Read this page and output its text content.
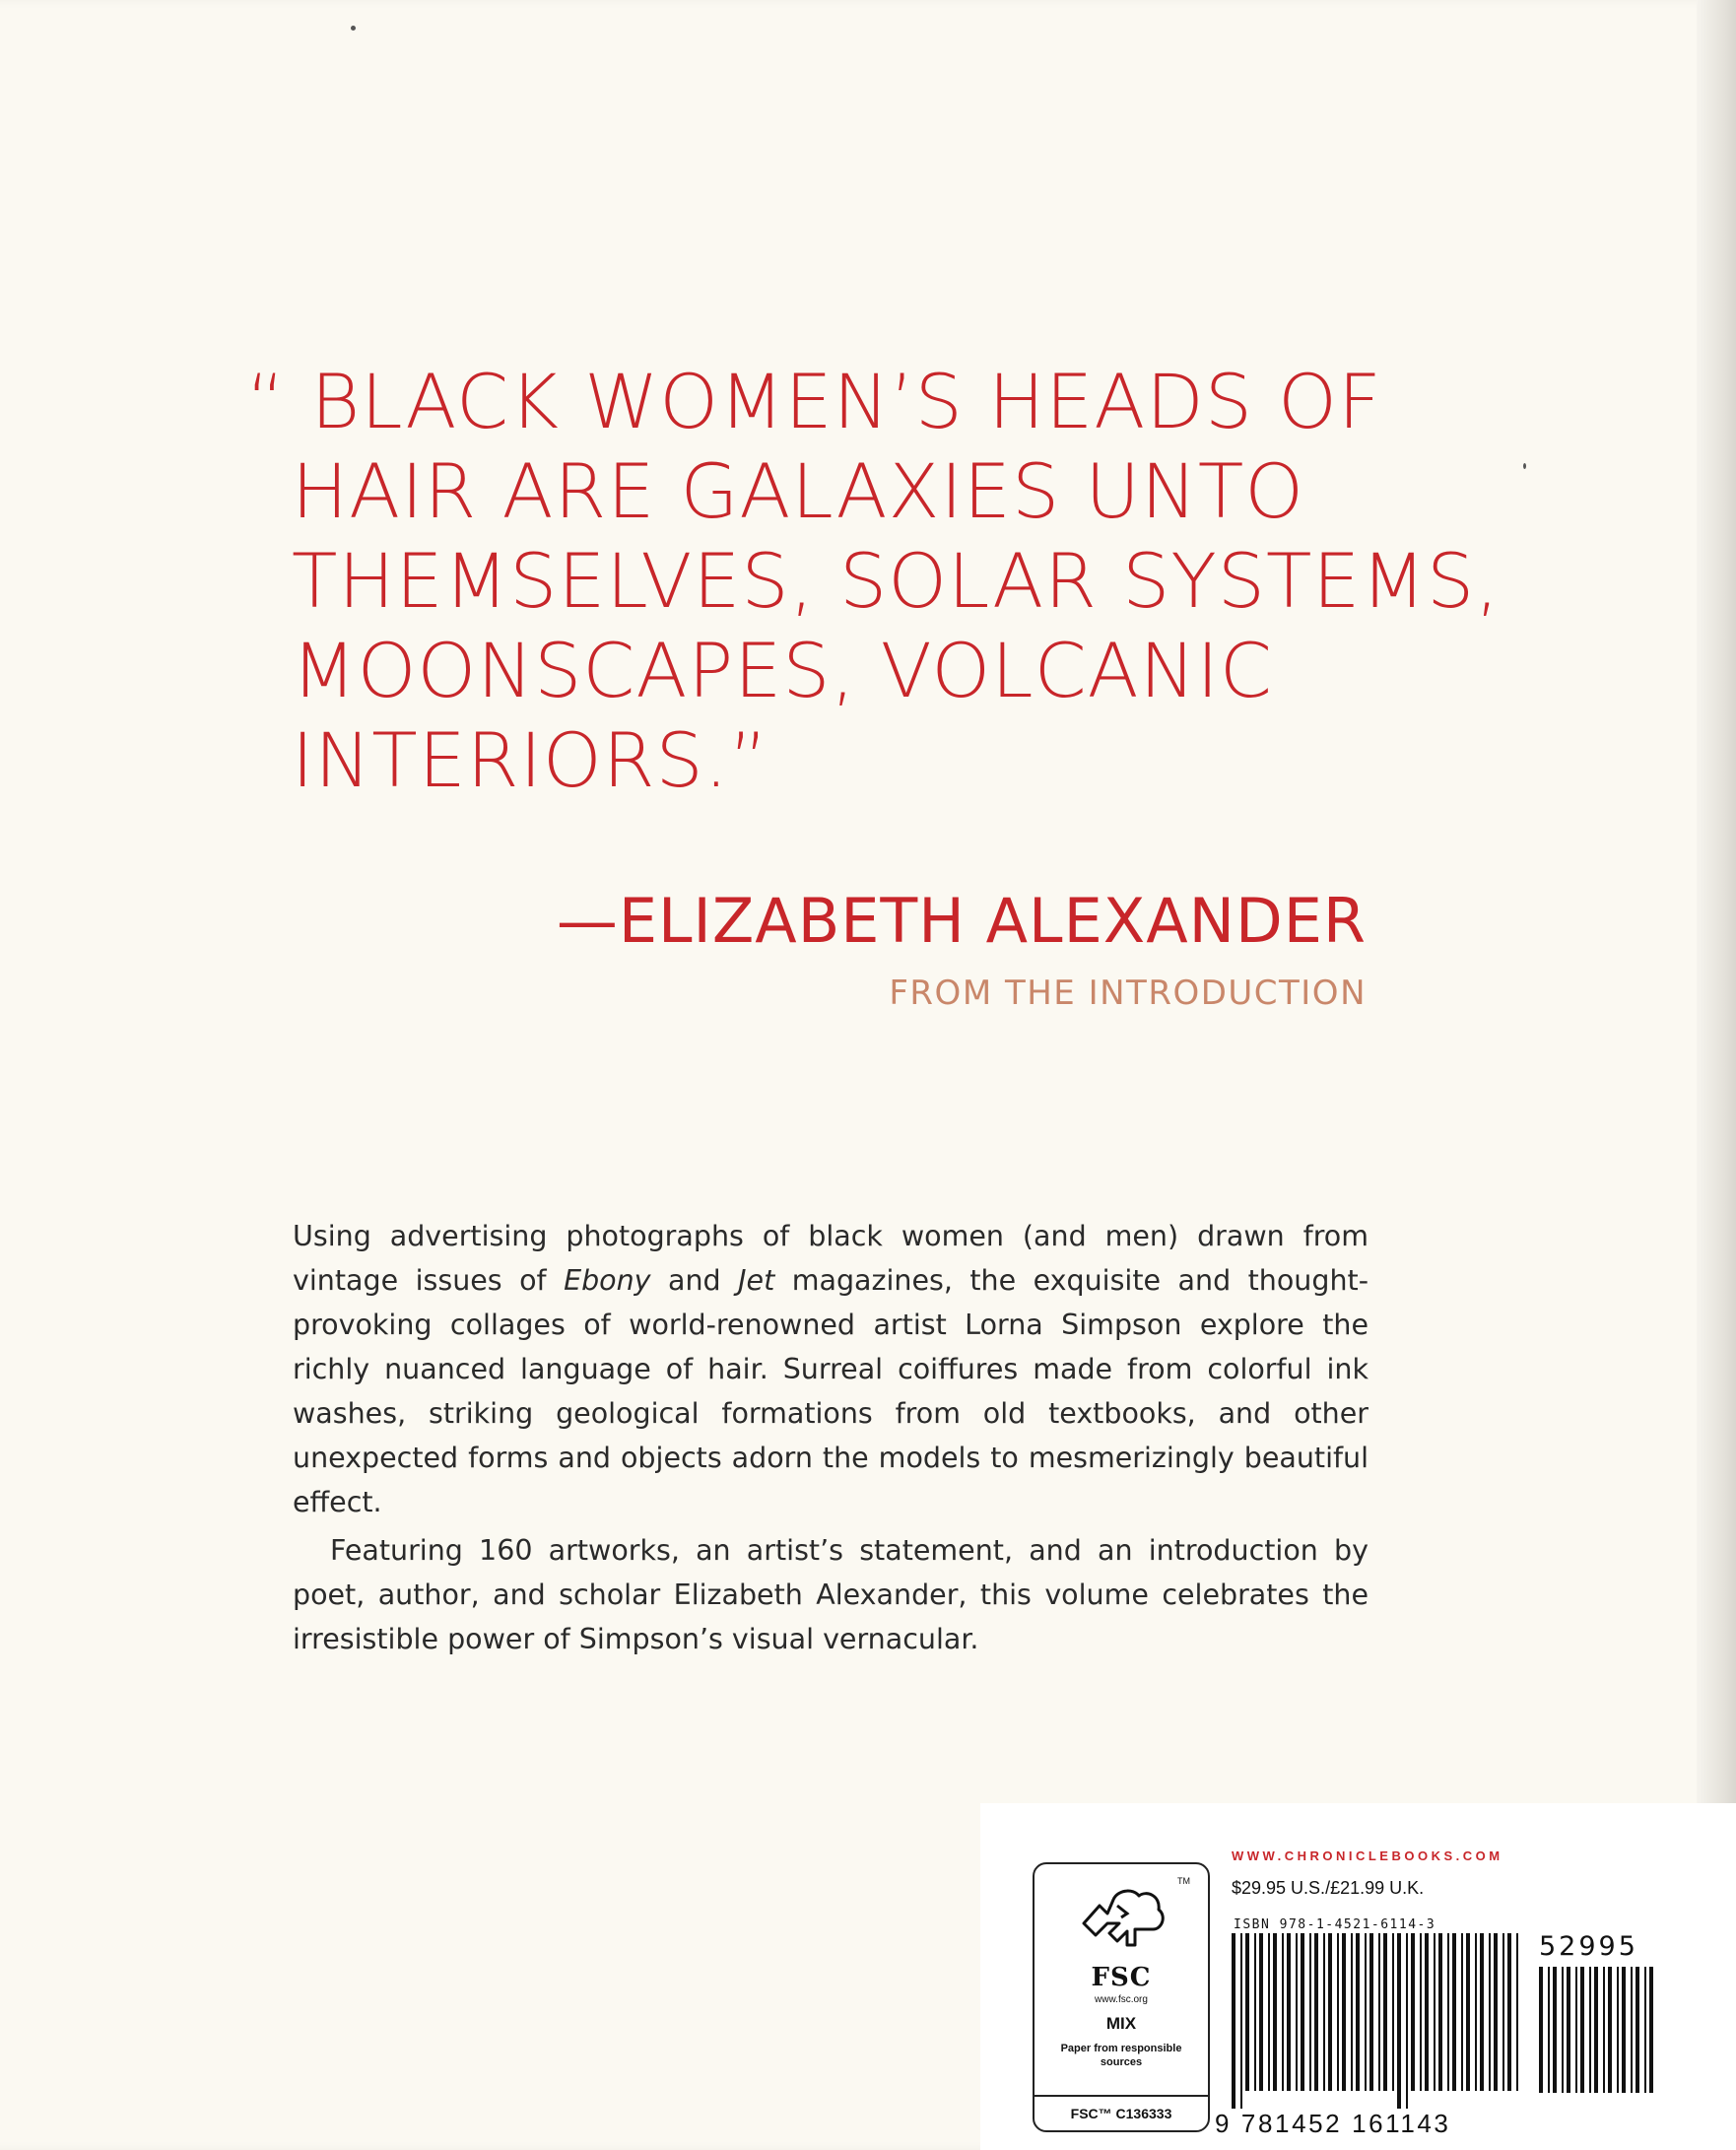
“ BLACK WOMEN’S HEADS OF
HAIR ARE GALAXIES UNTO
THEMSELVES, SOLAR SYSTEMS,
MOONSCAPES, VOLCANIC
INTERIORS.”
—ELIZABETH ALEXANDER
FROM THE INTRODUCTION

Using advertising photographs of black women (and men) drawn from vintage issues of Ebony and Jet magazines, the exquisite and thought-provoking collages of world-renowned artist Lorna Simpson explore the richly nuanced language of hair. Surreal coiffures made from colorful ink washes, striking geological formations from old textbooks, and other unexpected forms and objects adorn the models to mesmerizingly beautiful effect.

Featuring 160 artworks, an artist’s statement, and an introduction by poet, author, and scholar Elizabeth Alexander, this volume celebrates the irresistible power of Simpson’s visual vernacular.

TM
FSC
www.fsc.org
MIX
Paper from responsible sources
FSC™ C136333
WWW.CHRONICLEBOOKS.COM
$29.95 U.S./£21.99 U.K.
ISBN 978-1-4521-6114-3
52995
9 781452 161143
